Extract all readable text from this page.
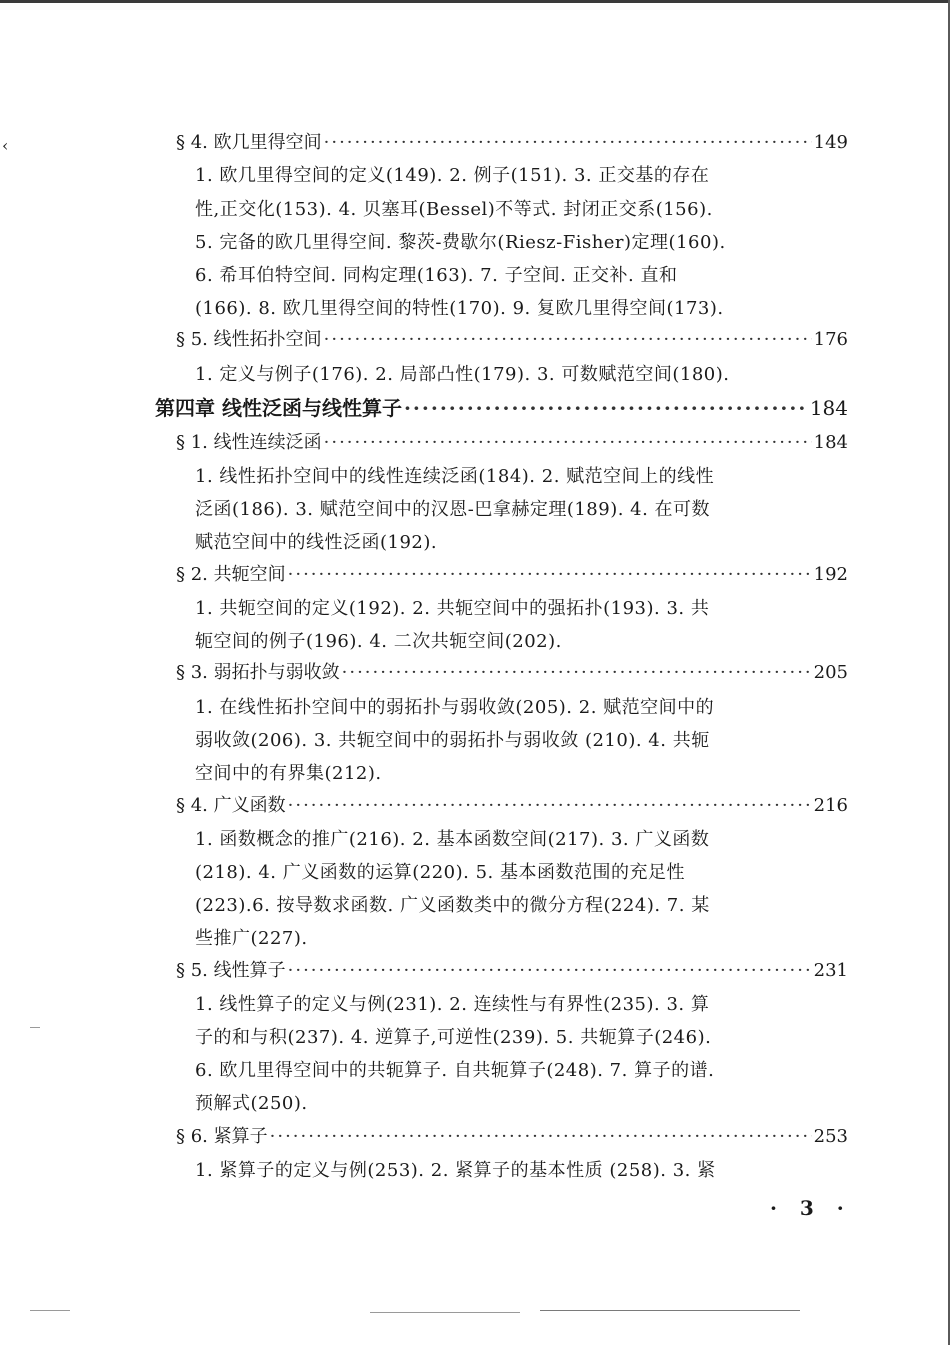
‹	§ 4. 欧几里得空间 ·····	149
1. 欧几里得空间的定义(149). 2. 例子(151). 3. 正交基的存在
性,正交化(153). 4. 贝塞耳(Bessel)不等式. 封闭正交系(156).
5. 完备的欧几里得空间. 黎茨-费歇尔(Riesz-Fisher)定理(160).
6. 希耳伯特空间. 同构定理(163). 7. 子空间. 正交补. 直和
(166). 8. 欧几里得空间的特性(170). 9. 复欧几里得空间(173).
§ 5. 线性拓扑空间 ·····	176
1. 定义与例子(176). 2. 局部凸性(179). 3. 可数赋范空间(180).
第四章 线性泛函与线性算子 ·····	184
§ 1. 线性连续泛函 ·····	184
1. 线性拓扑空间中的线性连续泛函(184). 2. 赋范空间上的线性
泛函(186). 3. 赋范空间中的汉恩-巴拿赫定理(189). 4. 在可数
赋范空间中的线性泛函(192).
§ 2. 共轭空间 ·····	192
1. 共轭空间的定义(192). 2. 共轭空间中的强拓扑(193). 3. 共
轭空间的例子(196). 4. 二次共轭空间(202).
§ 3. 弱拓扑与弱收敛 ·····	205
1. 在线性拓扑空间中的弱拓扑与弱收敛(205). 2. 赋范空间中的
弱收敛(206). 3. 共轭空间中的弱拓扑与弱收敛 (210). 4. 共轭
空间中的有界集(212).
§ 4. 广义函数 ·····	216
1. 函数概念的推广(216). 2. 基本函数空间(217). 3. 广义函数
(218). 4. 广义函数的运算(220). 5. 基本函数范围的充足性
(223).6. 按导数求函数. 广义函数类中的微分方程(224). 7. 某
些推广(227).
§ 5. 线性算子 ·····	231
1. 线性算子的定义与例(231). 2. 连续性与有界性(235). 3. 算
子的和与积(237). 4. 逆算子,可逆性(239). 5. 共轭算子(246).
6. 欧几里得空间中的共轭算子. 自共轭算子(248). 7. 算子的谱.
预解式(250).
§ 6. 紧算子 ·····	253
1. 紧算子的定义与例(253). 2. 紧算子的基本性质 (258). 3. 紧
· 3 ·
